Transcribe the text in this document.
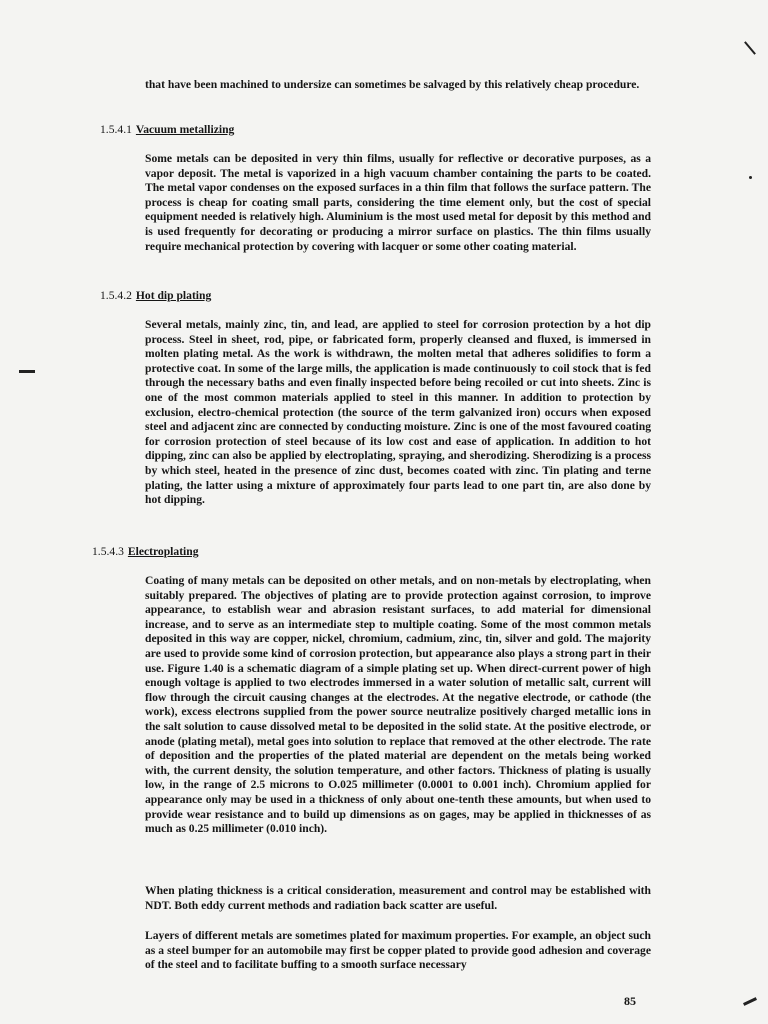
that have been machined to undersize can sometimes be salvaged by this relatively cheap procedure.

1.5.4.1 Vacuum metallizing

Some metals can be deposited in very thin films, usually for reflective or decorative purposes, as a vapor deposit. The metal is vaporized in a high vacuum chamber containing the parts to be coated. The metal vapor condenses on the exposed surfaces in a thin film that follows the surface pattern. The process is cheap for coating small parts, considering the time element only, but the cost of special equipment needed is relatively high. Aluminium is the most used metal for deposit by this method and is used frequently for decorating or producing a mirror surface on plastics. The thin films usually require mechanical protection by covering with lacquer or some other coating material.

1.5.4.2 Hot dip plating

Several metals, mainly zinc, tin, and lead, are applied to steel for corrosion protection by a hot dip process. Steel in sheet, rod, pipe, or fabricated form, properly cleansed and fluxed, is immersed in molten plating metal. As the work is withdrawn, the molten metal that adheres solidifies to form a protective coat. In some of the large mills, the application is made continuously to coil stock that is fed through the necessary baths and even finally inspected before being recoiled or cut into sheets. Zinc is one of the most common materials applied to steel in this manner. In addition to protection by exclusion, electro-chemical protection (the source of the term galvanized iron) occurs when exposed steel and adjacent zinc are connected by conducting moisture. Zinc is one of the most favoured coating for corrosion protection of steel because of its low cost and ease of application. In addition to hot dipping, zinc can also be applied by electroplating, spraying, and sherodizing. Sherodizing is a process by which steel, heated in the presence of zinc dust, becomes coated with zinc. Tin plating and terne plating, the latter using a mixture of approximately four parts lead to one part tin, are also done by hot dipping.

1.5.4.3 Electroplating

Coating of many metals can be deposited on other metals, and on non-metals by electroplating, when suitably prepared. The objectives of plating are to provide protection against corrosion, to improve appearance, to establish wear and abrasion resistant surfaces, to add material for dimensional increase, and to serve as an intermediate step to multiple coating. Some of the most common metals deposited in this way are copper, nickel, chromium, cadmium, zinc, tin, silver and gold. The majority are used to provide some kind of corrosion protection, but appearance also plays a strong part in their use. Figure 1.40 is a schematic diagram of a simple plating set up. When direct-current power of high enough voltage is applied to two electrodes immersed in a water solution of metallic salt, current will flow through the circuit causing changes at the electrodes. At the negative electrode, or cathode (the work), excess electrons supplied from the power source neutralize positively charged metallic ions in the salt solution to cause dissolved metal to be deposited in the solid state. At the positive electrode, or anode (plating metal), metal goes into solution to replace that removed at the other electrode. The rate of deposition and the properties of the plated material are dependent on the metals being worked with, the current density, the solution temperature, and other factors. Thickness of plating is usually low, in the range of 2.5 microns to O.025 millimeter (0.0001 to 0.001 inch). Chromium applied for appearance only may be used in a thickness of only about one-tenth these amounts, but when used to provide wear resistance and to build up dimensions as on gages, may be applied in thicknesses of as much as 0.25 millimeter (0.010 inch).

When plating thickness is a critical consideration, measurement and control may be established with NDT. Both eddy current methods and radiation back scatter are useful.

Layers of different metals are sometimes plated for maximum properties. For example, an object such as a steel bumper for an automobile may first be copper plated to provide good adhesion and coverage of the steel and to facilitate buffing to a smooth surface necessary

85
